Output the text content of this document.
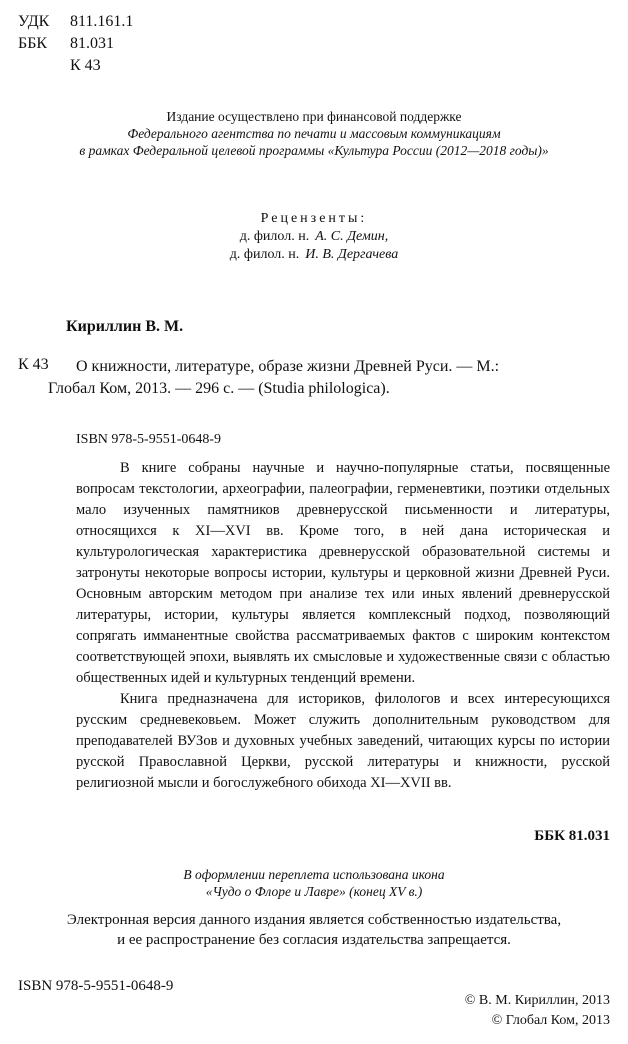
УДК 811.161.1
ББК 81.031
К 43
Издание осуществлено при финансовой поддержке
Федерального агентства по печати и массовым коммуникациям
в рамках Федеральной целевой программы «Культура России (2012—2018 годы)»
Рецензенты:
д. филол. н. А. С. Демин,
д. филол. н. И. В. Дергачева
Кириллин В. М.
К 43 О книжности, литературе, образе жизни Древней Руси. — М.:
Глобал Ком, 2013. — 296 с. — (Studia philologica).
ISBN 978-5-9551-0648-9

В книге собраны научные и научно-популярные статьи, посвященные вопросам текстологии, археографии, палеографии, герменевтики, поэтики отдельных мало изученных памятников древнерусской письменности и литературы, относящихся к XI—XVI вв. Кроме того, в ней дана историческая и культурологическая характеристика древнерусской образовательной системы и затронуты некоторые вопросы истории, культуры и церковной жизни Древней Руси. Основным авторским методом при анализе тех или иных явлений древнерусской литературы, истории, культуры является комплексный подход, позволяющий сопрягать имманентные свойства рассматриваемых фактов с широким контекстом соответствующей эпохи, выявлять их смысловые и художественные связи с областью общественных идей и культурных тенденций времени.

Книга предназначена для историков, филологов и всех интересующихся русским средневековьем. Может служить дополнительным руководством для преподавателей ВУЗов и духовных учебных заведений, читающих курсы по истории русской Православной Церкви, русской литературы и книжности, русской религиозной мысли и богослужебного обихода XI—XVII вв.

ББК 81.031
В оформлении переплета использована икона
«Чудо о Флоре и Лавре» (конец XV в.)
Электронная версия данного издания является собственностью издательства,
и ее распространение без согласия издательства запрещается.
ISBN 978-5-9551-0648-9
© В. М. Кириллин, 2013
© Глобал Ком, 2013
